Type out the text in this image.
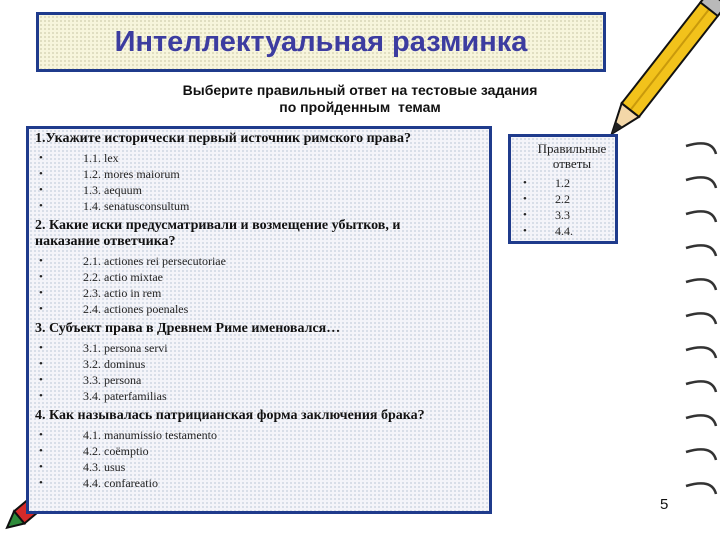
Интеллектуальная разминка
Выберите правильный ответ на тестовые задания
по пройденным  темам

1.Укажите исторически первый источник римского права?

•	1.1. lex
•	1.2. mores maiorum
•	1.3. aequum
•	1.4. senatusconsultum

2. Какие иски предусматривали и возмещение убытков, и наказание ответчика?

•	2.1. actiones rei persecutoriae
•	2.2. actio mixtae
•	2.3. actio in rem
•	2.4. actiones poenales

3. Субъект права в Древнем Риме именовался…

•	3.1. persona servi
•	3.2. dominus
•	3.3. persona
•	3.4. paterfamilias

4. Как называлась патрицианская форма заключения брака?

•	4.1. manumissio testamento
•	4.2. coëmptio
•	4.3. usus
•	4.4. confareatio
Правильные ответы
• 1.2
• 2.2
• 3.3
• 4.4.
5
